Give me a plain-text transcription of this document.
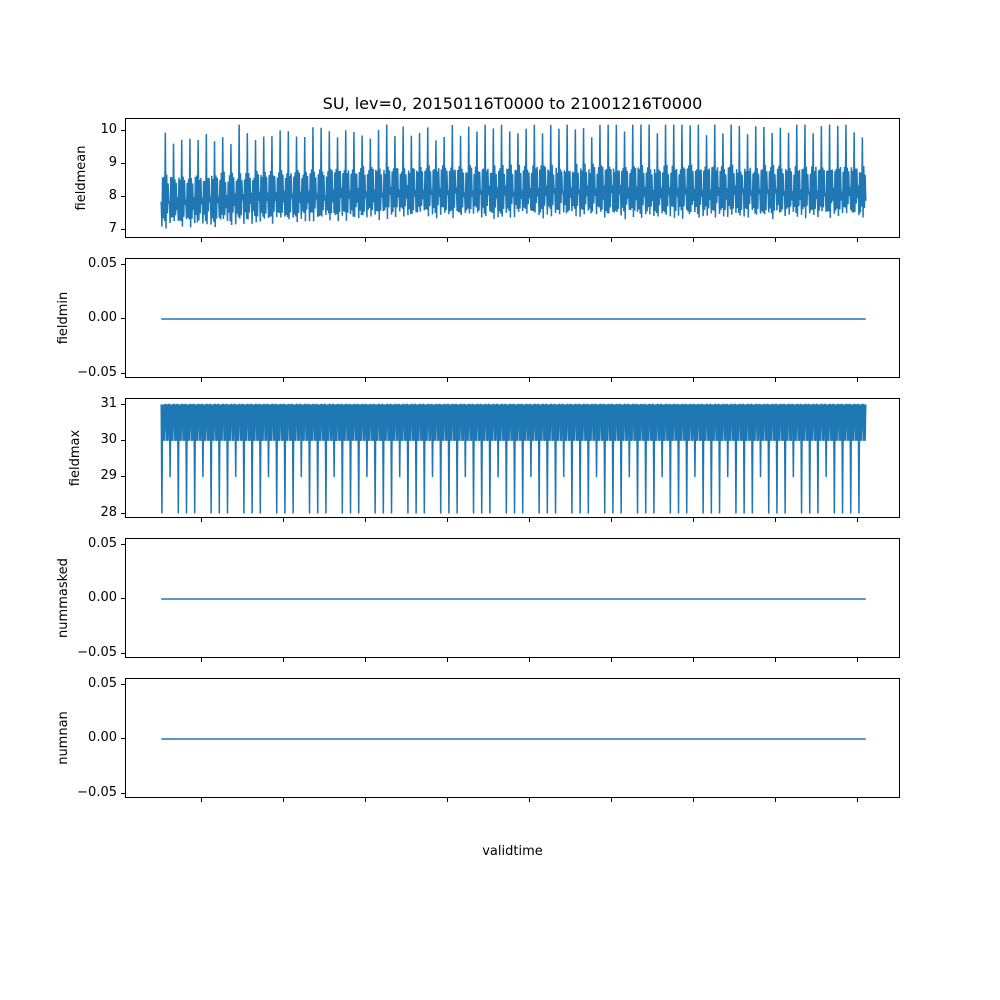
SU, lev=0, 20150116T0000 to 21001216T0000
7
8
9
10
fieldmean
0.05
0.00
−0.05
fieldmin
28
29
30
31
fieldmax
0.05
0.00
−0.05
nummasked
0.05
0.00
−0.05
numnan
validtime
